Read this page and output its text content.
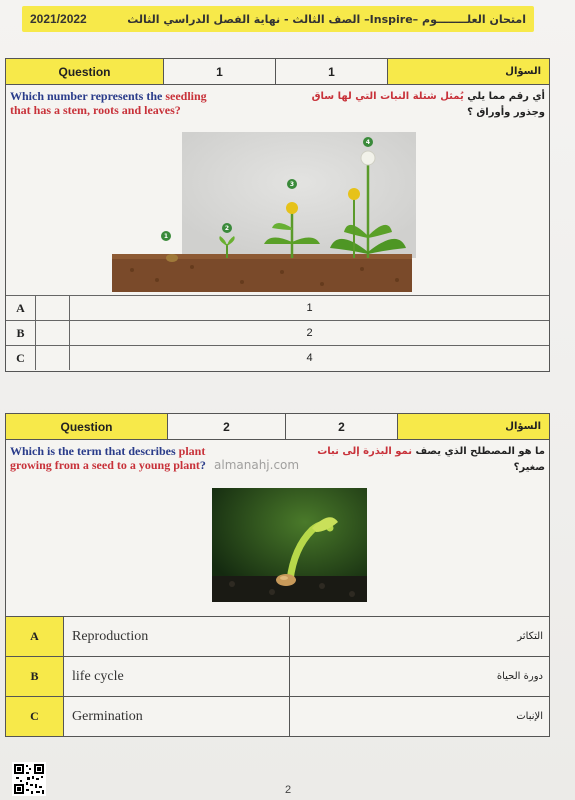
2021/2022	امتحان العلــــــــوم –Inspire– الصف الثالث - نهاية الفصل الدراسي الثالث
Question	1	1	السؤال
Which number represents the seedling
that has a stem, roots and leaves?
أي رقم مما يلي يُمثل شتلة النبات التي لها ساق
وجذور وأوراق ؟
A	1
B	2
C	4
1
2
3
4
Question	2	2	السؤال
Which is the term that describes plant
growing from a seed to a young plant?
ما هو المصطلح الذي يصف نمو البذرة إلى نبات
صغير؟
A	Reproduction	التكاثر
B	life cycle	دورة الحياة
C	Germination	الإنبات
almanahj.com
2
